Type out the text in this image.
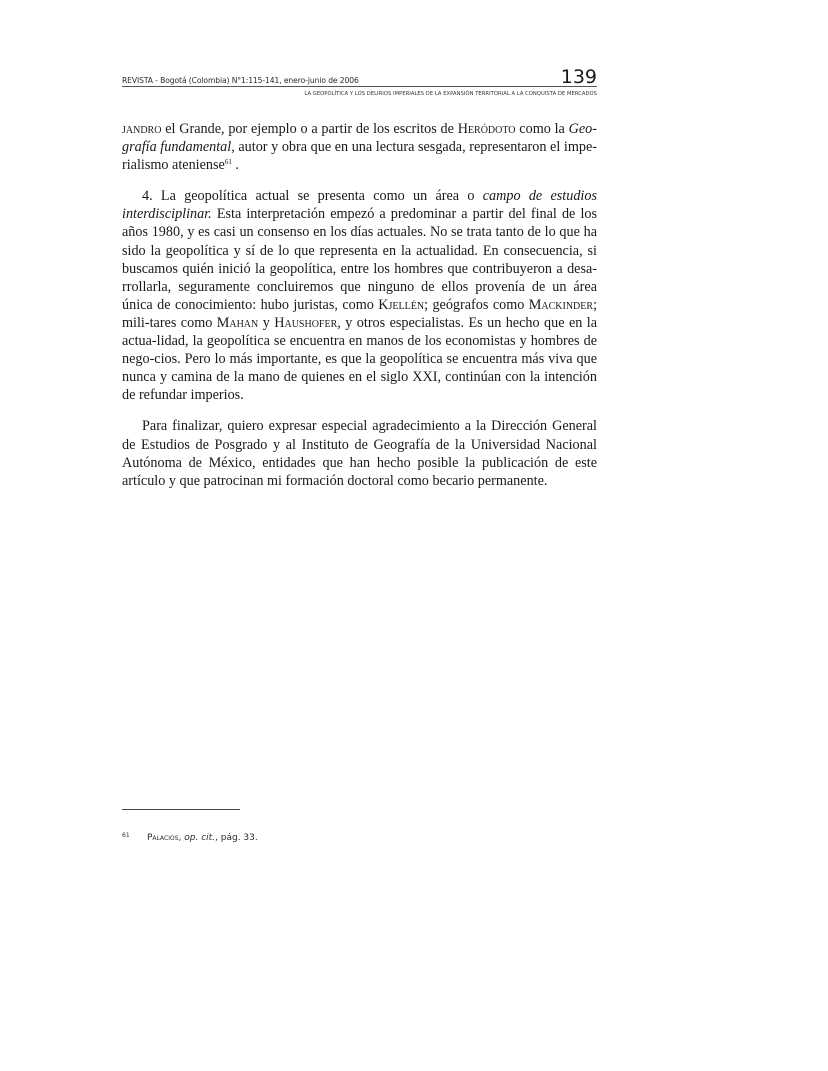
REVISTA - Bogotá (Colombia) N°1:115-141, enero-junio de 2006	139
LA GEOPOLÍTICA Y LOS DELIRIOS IMPERIALES DE LA EXPANSIÓN TERRITORIAL A LA CONQUISTA DE MERCADOS

jandro el Grande, por ejemplo o a partir de los escritos de Heródoto como la Geo-grafía fundamental, autor y obra que en una lectura sesgada, representaron el impe-rialismo ateniense$^{61}$ .

4. La geopolítica actual se presenta como un área o campo de estudios interdisciplinar. Esta interpretación empezó a predominar a partir del final de los años 1980, y es casi un consenso en los días actuales. No se trata tanto de lo que ha sido la geopolítica y sí de lo que representa en la actualidad. En consecuencia, si buscamos quién inició la geopolítica, entre los hombres que contribuyeron a desa-rrollarla, seguramente concluiremos que ninguno de ellos provenía de un área única de conocimiento: hubo juristas, como Kjellén; geógrafos como Mackinder; mili-tares como Mahan y Haushofer, y otros especialistas. Es un hecho que en la actua-lidad, la geopolítica se encuentra en manos de los economistas y hombres de nego-cios. Pero lo más importante, es que la geopolítica se encuentra más viva que nunca y camina de la mano de quienes en el siglo XXI, continúan con la intención de refundar imperios.

Para finalizar, quiero expresar especial agradecimiento a la Dirección General de Estudios de Posgrado y al Instituto de Geografía de la Universidad Nacional Autónoma de México, entidades que han hecho posible la publicación de este artículo y que patrocinan mi formación doctoral como becario permanente.

61 Palacios, op. cit., pág. 33.
